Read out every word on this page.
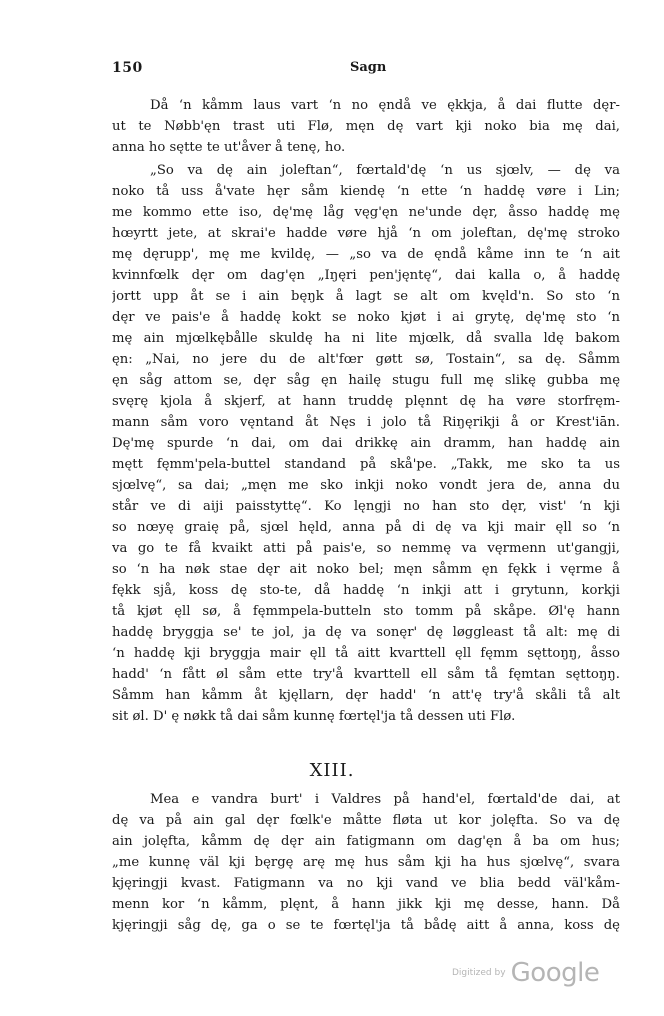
150	Sagn
Då ‘n kåmm laus vart ‘n no ęndå ve ękkja, å dai flutte dęr-
ut te Nøbb'ęn trast uti Flø, męn dę vart kji noko bia mę dai,
anna ho sętte te ut'åver å tenę, ho.
„So va dę ain joleftan“, fœrtald'dę ‘n us sjœlv, — dę va
noko tå uss å'vate hęr såm kiendę ‘n ette ‘n haddę vøre i Lin;
me kommo ette iso, dę'mę låg vęg'ęn ne'unde dęr, åsso haddę mę
hœyrtt jete, at skrai'e hadde vøre hjå ‘n om joleftan, dę'mę stroko
mę dęrupp', mę me kvildę, — „so va de ęndå kåme inn te ‘n ait
kvinnfœlk dęr om dag'ęn „Iŋęri pen'jęntę“, dai kalla o, å haddę
jortt upp åt se i ain bęŋk å lagt se alt om kvęld'n. So sto ‘n
dęr ve pais'e å haddę kokt se noko kjøt i ai grytę, dę'mę sto ‘n
mę ain mjœlkębålle skuldę ha ni lite mjœlk, då svalla ldę bakom
ęn: „Nai, no jere du de alt'fœr gøtt sø, Tostain“, sa dę. Såmm
ęn såg attom se, dęr såg ęn hailę stugu full mę slikę gubba mę
svęrę kjola å skjerf, at hann truddę plęnnt dę ha vøre storfręm-
mann såm voro vęntand åt Nęs i jolo tå Riŋęrikji å or Krest'iān.
Dę'mę spurde ‘n dai, om dai drikkę ain dramm, han haddę ain
mętt fęmm'pela-buttel standand på skå'pe. „Takk, me sko ta us
sjœlvę“, sa dai; „męn me sko inkji noko vondt jera de, anna du
står ve di aiji paisstyttę“. Ko lęngji no han sto dęr, vist' ‘n kji
so nœyę graię på, sjœl hęld, anna på di dę va kji mair ęll so ‘n
va go te få kvaikt atti på pais'e, so nemmę va vęrmenn ut'gangji,
so ‘n ha nøk stae dęr ait noko bel; męn såmm ęn fękk i vęrme å
fękk sjå, koss dę sto-te, då haddę ‘n inkji att i grytunn, korkji
tå kjøt ęll sø, å fęmmpela-butteln sto tomm på skåpe. Øl'ę hann
haddę bryggja se' te jol, ja dę va sonęr' dę løggleast tå alt: mę di
‘n haddę kji bryggja mair ęll tå aitt kvarttell ęll fęmm sęttoŋŋ, åsso
hadd' ‘n fått øl såm ette try'å kvarttell ell såm tå fęmtan sęttoŋŋ.
Såmm han kåmm åt kjęllarn, dęr hadd' ‘n att'ę try'å skåli tå alt
sit øl. D' ę nøkk tå dai såm kunnę fœrtęl'ja tå dessen uti Flø.
XIII.
Mea e vandra burt' i Valdres på hand'el, fœrtald'de dai, at
dę va på ain gal dęr fœlk'e måtte fløta ut kor jolęfta. So va dę
ain jolęfta, kåmm dę dęr ain fatigmann om dag'ęn å ba om hus;
„me kunnę väl kji bęrgę arę mę hus såm kji ha hus sjœlvę“, svara
kjęringji kvast. Fatigmann va no kji vand ve blia bedd väl'kåm-
menn kor ‘n kåmm, plęnt, å hann jikk kji mę desse, hann. Då
kjęringji såg dę, ga o se te fœrtęl'ja tå bådę aitt å anna, koss dę
Digitized by Google
